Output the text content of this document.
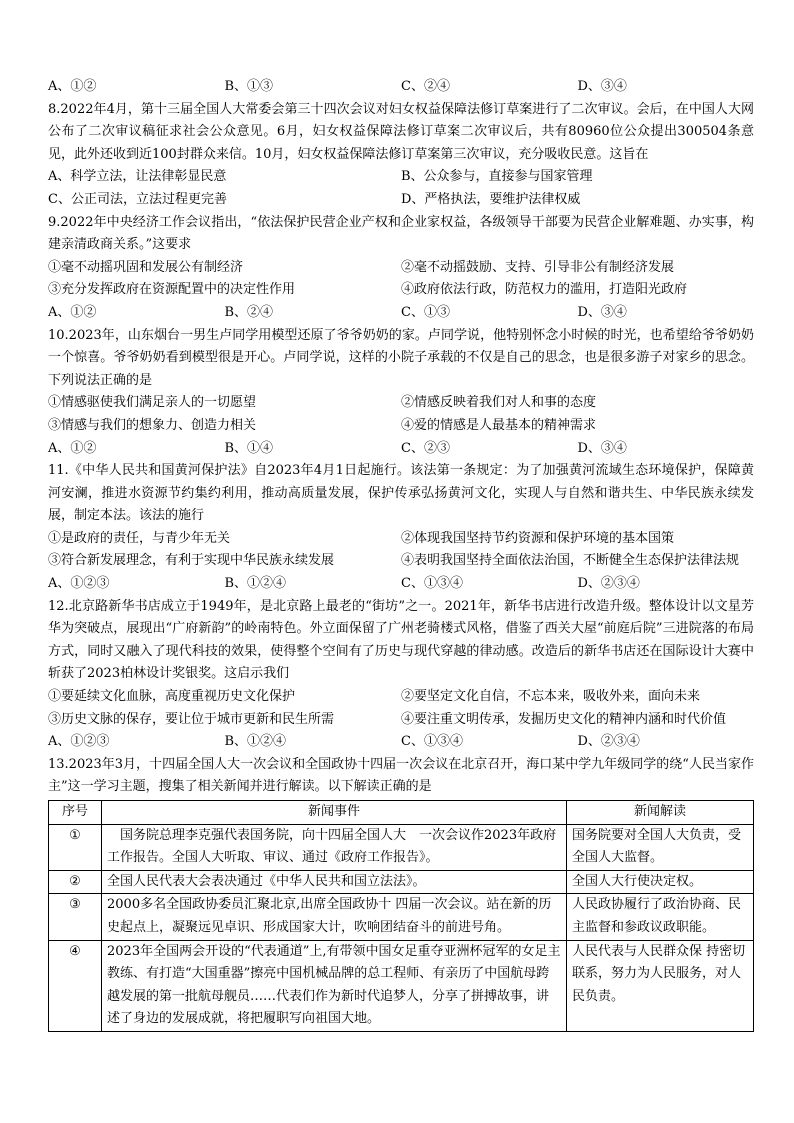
A、①②	B、①③	C、②④	D、③④

8.2022年4月，第十三届全国人大常委会第三十四次会议对妇女权益保障法修订草案进行了二次审议。会后，在中国人大网公布了二次审议稿征求社会公众意见。6月，妇女权益保障法修订草案二次审议后，共有80960位公众提出300504条意见，此外还收到近100封群众来信。10月，妇女权益保障法修订草案第三次审议，充分吸收民意。这旨在

A、科学立法，让法律彰显民意	B、公众参与，直接参与国家管理
C、公正司法，立法过程更完善	D、严格执法，要维护法律权威

9.2022年中央经济工作会议指出，“依法保护民营企业产权和企业家权益，各级领导干部要为民营企业解难题、办实事，构建亲清政商关系。”这要求

①毫不动摇巩固和发展公有制经济	②毫不动摇鼓励、支持、引导非公有制经济发展
③充分发挥政府在资源配置中的决定性作用	④政府依法行政，防范权力的滥用，打造阳光政府
A、①②	B、②④	C、①③	D、③④

10.2023年，山东烟台一男生卢同学用模型还原了爷爷奶奶的家。卢同学说，他特别怀念小时候的时光，也希望给爷爷奶奶一个惊喜。爷爷奶奶看到模型很是开心。卢同学说，这样的小院子承载的不仅是自己的思念，也是很多游子对家乡的思念。下列说法正确的是

①情感驱使我们满足亲人的一切愿望	②情感反映着我们对人和事的态度
③情感与我们的想象力、创造力相关	④爱的情感是人最基本的精神需求
A、①②	B、①④	C、②③	D、③④

11.《中华人民共和国黄河保护法》自2023年4月1日起施行。该法第一条规定：为了加强黄河流域生态环境保护，保障黄河安澜，推进水资源节约集约利用，推动高质量发展，保护传承弘扬黄河文化，实现人与自然和谐共生、中华民族永续发展，制定本法。该法的施行

①是政府的责任，与青少年无关	②体现我国坚持节约资源和保护环境的基本国策
③符合新发展理念，有利于实现中华民族永续发展	④表明我国坚持全面依法治国，不断健全生态保护法律法规
A、①②③	B、①②④	C、①③④	D、②③④

12.北京路新华书店成立于1949年，是北京路上最老的“街坊”之一。2021年，新华书店进行改造升级。整体设计以文星芳华为突破点，展现出“广府新韵”的岭南特色。外立面保留了广州老骑楼式风格，借鉴了西关大屋“前庭后院”三进院落的布局方式，同时又融入了现代科技的效果，使得整个空间有了历史与现代穿越的律动感。改造后的新华书店还在国际设计大赛中斩获了2023柏林设计奖银奖。这启示我们

①要延续文化血脉，高度重视历史文化保护	②要坚定文化自信，不忘本来，吸收外来，面向未来
③历史文脉的保存，要让位于城市更新和民生所需	④要注重文明传承，发掘历史文化的精神内涵和时代价值
A、①②③	B、①②④	C、①③④	D、②③④

13.2023年3月，十四届全国人大一次会议和全国政协十四届一次会议在北京召开，海口某中学九年级同学的绕“人民当家作主”这一学习主题，搜集了相关新闻并进行解读。以下解读正确的是

序号	新闻事件	新闻解读
①	　国务院总理李克强代表国务院，向十四届全国人大　一次会议作2023年政府工作报告。全国人大听取、审议、通过《政府工作报告》。	国务院要对全国人大负责，受全国人大监督。
②	全国人民代表大会表决通过《中华人民共和国立法法》。	全国人大行使决定权。
③	2000多名全国政协委员汇聚北京,出席全国政协十 四届一次会议。站在新的历史起点上，凝聚远见卓识、形成国家大计，吹响团结奋斗的前进号角。	人民政协履行了政治协商、民主监督和参政议政职能。
④	2023年全国两会开设的“代表通道”上,有带领中国女足重夺亚洲杯冠军的女足主教练、有打造“大国重器”擦亮中国机械品牌的总工程师、有亲历了中国航母跨越发展的第一批航母舰员……代表们作为新时代追梦人，分享了拼搏故事，讲述了身边的发展成就，将把履职写向祖国大地。	人民代表与人民群众保 持密切联系，努力为人民服务，对人民负责。
